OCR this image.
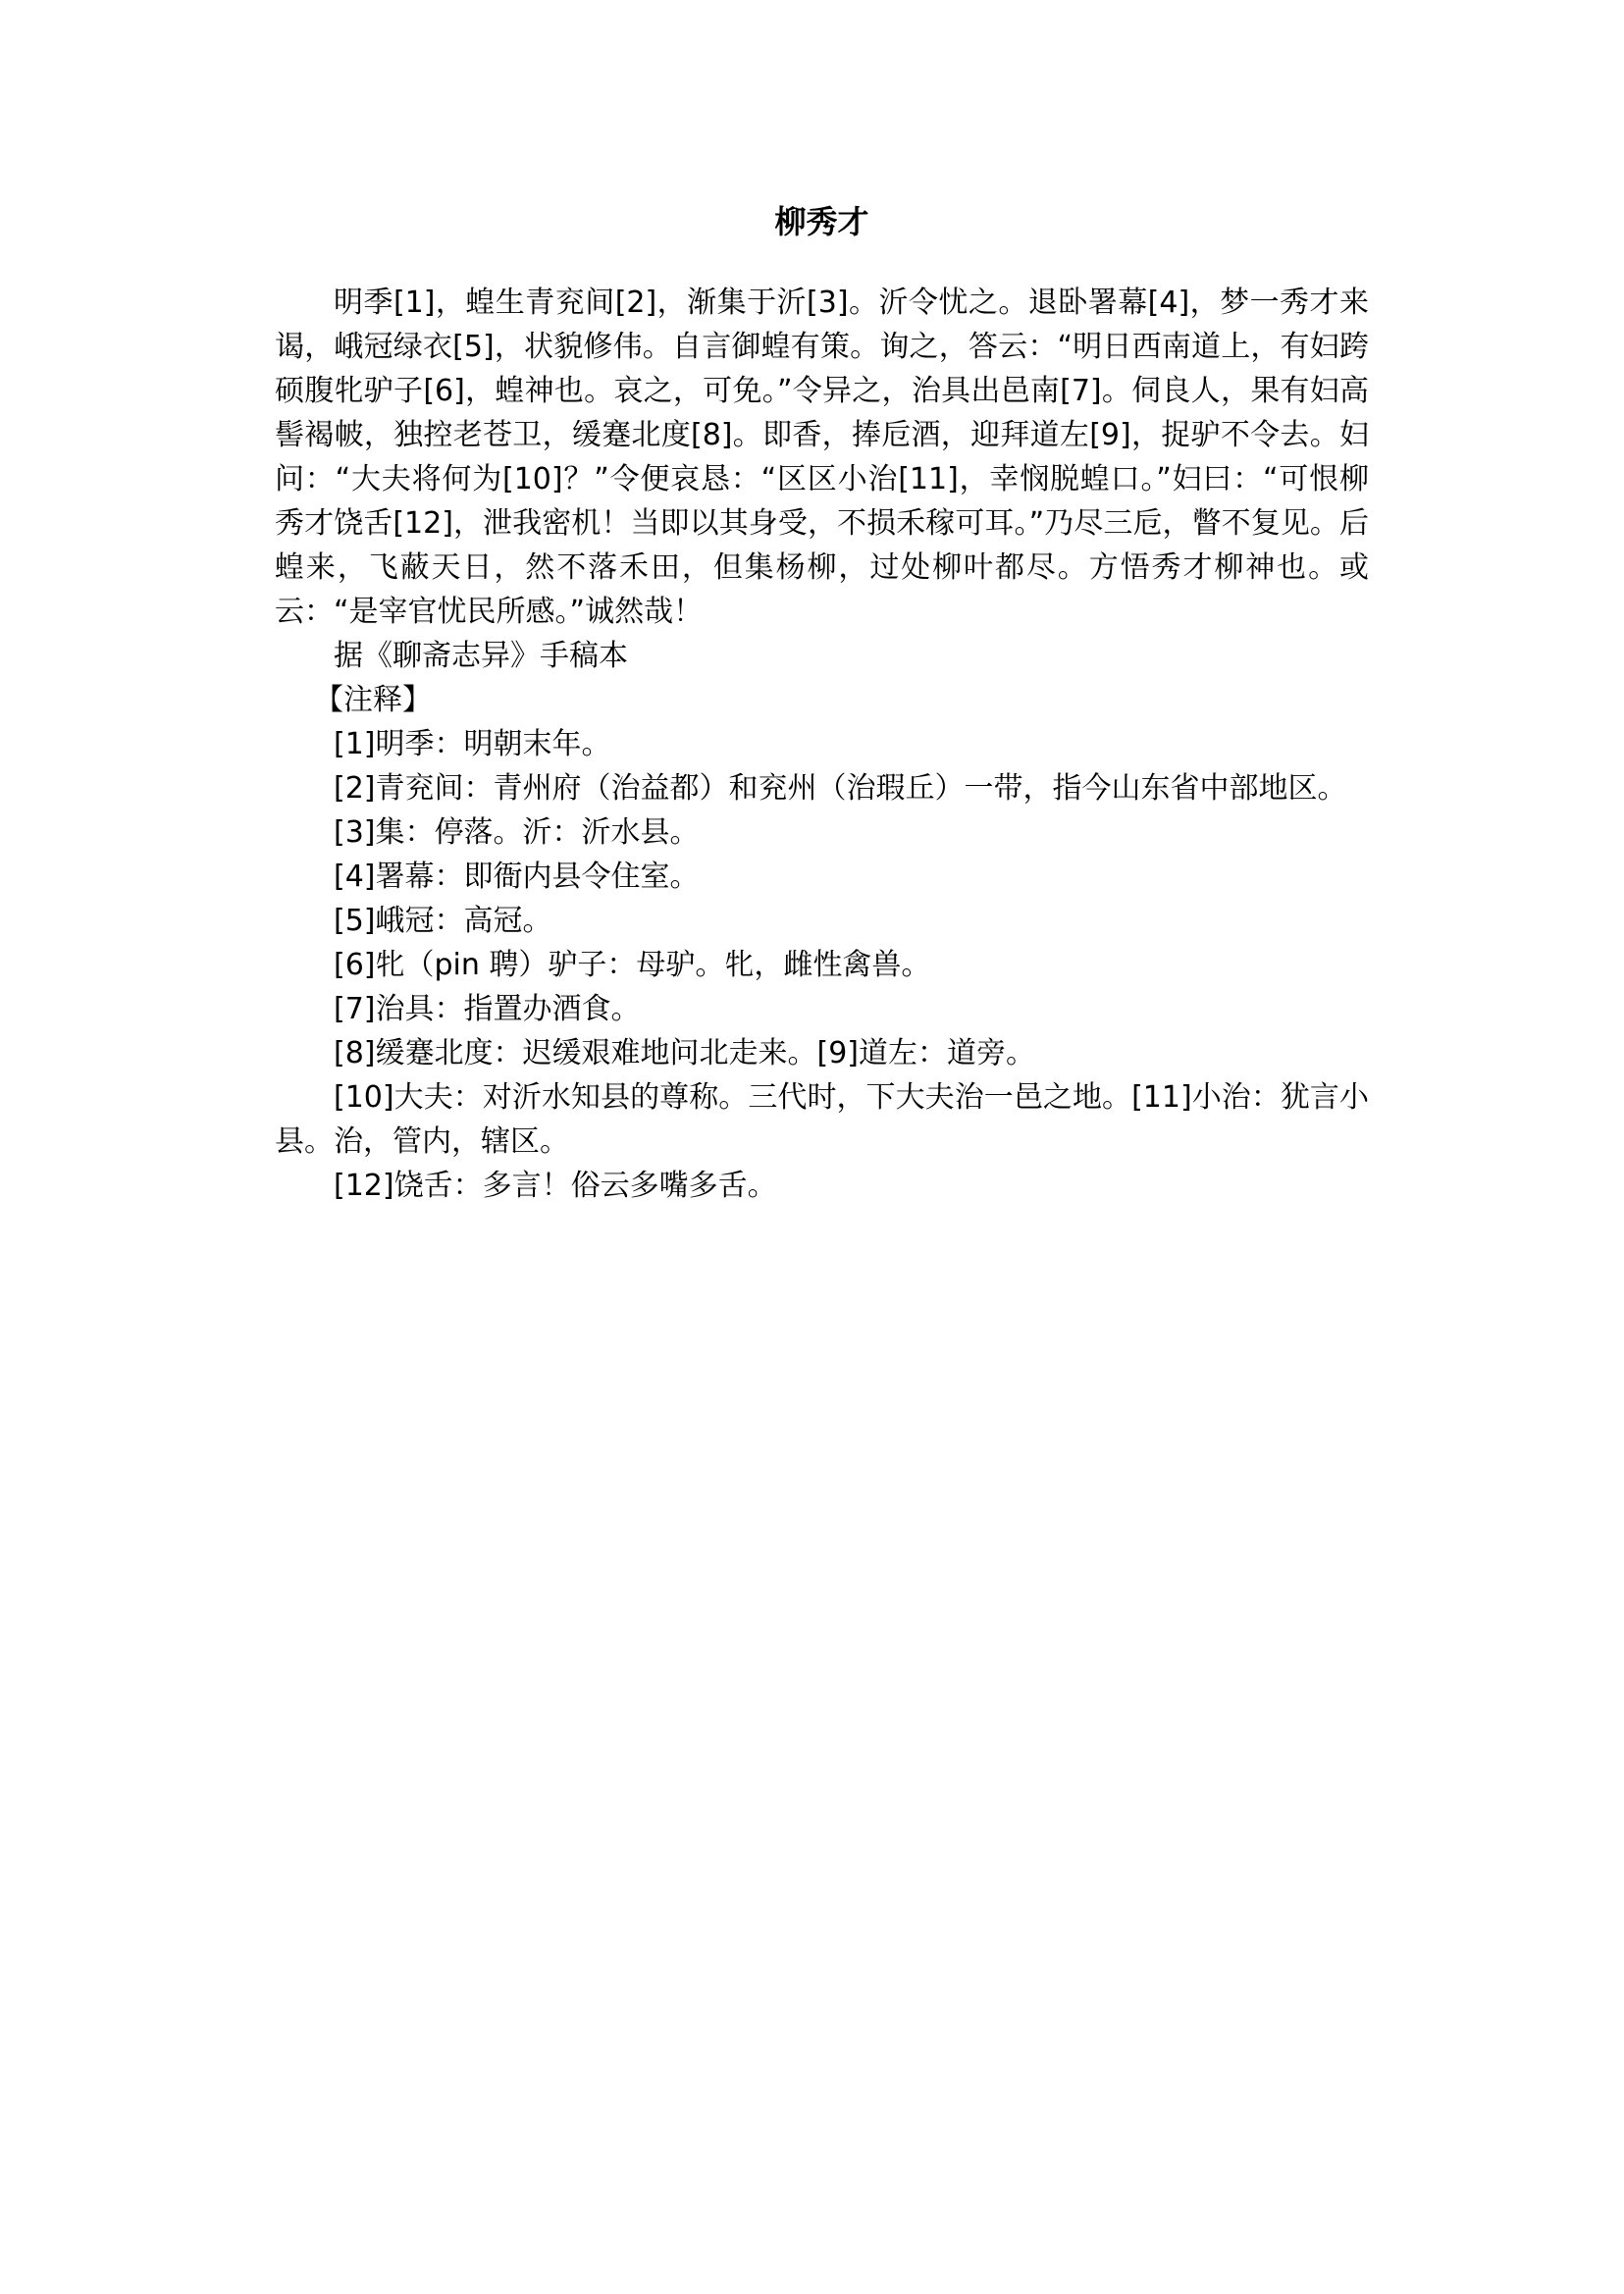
柳秀才

明季[1]，蝗生青兖间[2]，渐集于沂[3]。沂令忧之。退卧署幕[4]，梦一秀才来谒，峨冠绿衣[5]，状貌修伟。自言御蝗有策。询之，答云：“明日西南道上，有妇跨硕腹牝驴子[6]，蝗神也。哀之，可免。”令异之，治具出邑南[7]。伺良人，果有妇高髻褐帔，独控老苍卫，缓蹇北度[8]。即香，捧卮酒，迎拜道左[9]，捉驴不令去。妇问：“大夫将何为[10]？”令便哀恳：“区区小治[11]，幸悯脱蝗口。”妇曰：“可恨柳秀才饶舌[12]，泄我密机！当即以其身受，不损禾稼可耳。”乃尽三卮，瞥不复见。后蝗来，飞蔽天日，然不落禾田，但集杨柳，过处柳叶都尽。方悟秀才柳神也。或云：“是宰官忧民所感。”诚然哉！

据《聊斋志异》手稿本

【注释】

[1]明季：明朝末年。

[2]青兖间：青州府（治益都）和兖州（治瑕丘）一带，指今山东省中部地区。

[3]集：停落。沂：沂水县。

[4]署幕：即衙内县令住室。

[5]峨冠：高冠。

[6]牝（pin 聘）驴子：母驴。牝，雌性禽兽。

[7]治具：指置办酒食。

[8]缓蹇北度：迟缓艰难地问北走来。[9]道左：道旁。

[10]大夫：对沂水知县的尊称。三代时，下大夫治一邑之地。[11]小治：犹言小县。治，管内，辖区。

[12]饶舌：多言！俗云多嘴多舌。
